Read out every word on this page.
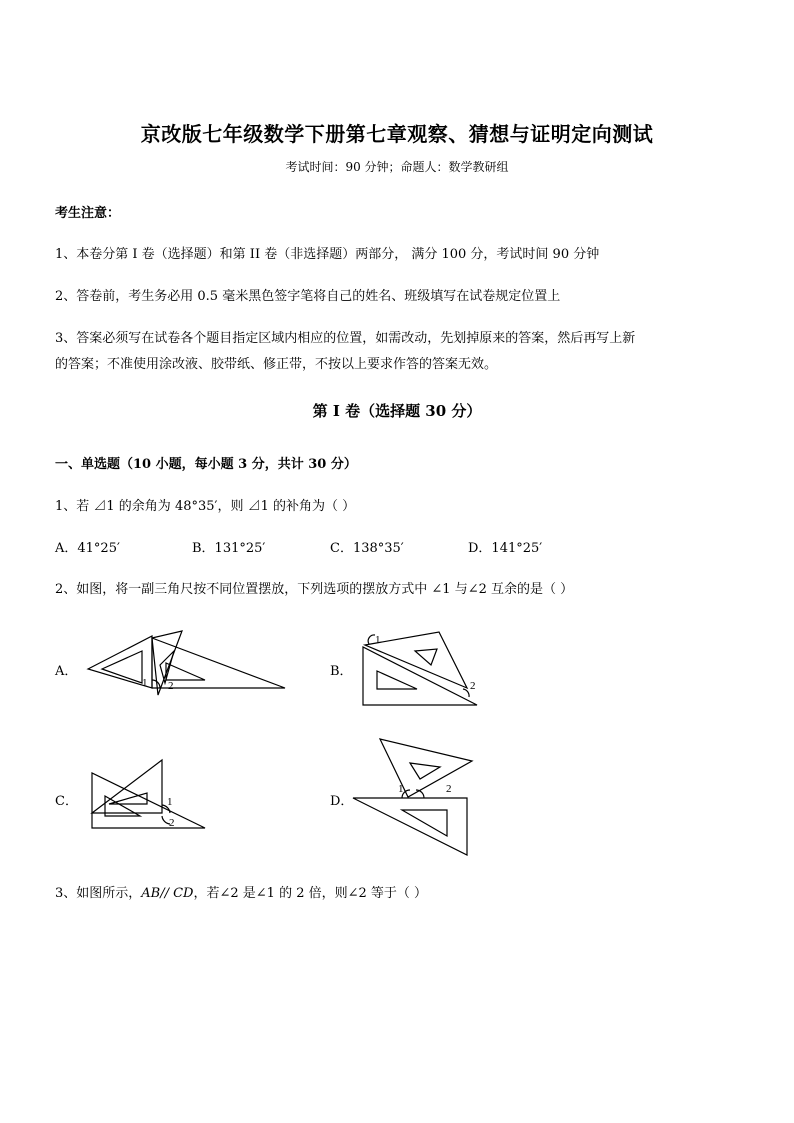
京改版七年级数学下册第七章观察、猜想与证明定向测试
考试时间：90 分钟；命题人：数学教研组
考生注意：
1、本卷分第 I 卷（选择题）和第 II 卷（非选择题）两部分， 满分 100 分，考试时间 90 分钟
2、答卷前，考生务必用 0.5 毫米黑色签字笔将自己的姓名、班级填写在试卷规定位置上
3、答案必须写在试卷各个题目指定区域内相应的位置，如需改动，先划掉原来的答案，然后再写上新
的答案；不准使用涂改液、胶带纸、修正带，不按以上要求作答的答案无效。
第 I 卷（选择题 30 分）
一、单选题（10 小题，每小题 3 分，共计 30 分）
1、若 ⊿1 的余角为 48°35′，则 ⊿1 的补角为（ ）
A．41°25′	B．131°25′	C．138°35′	D．141°25′
2、如图，将一副三角尺按不同位置摆放，下列选项的摆放方式中 ∠1 与∠2 互余的是（ ）
A．
1 2
B．
1
2
C．	1
2
D．
1	2
3、如图所示，AB// CD，若∠2 是∠1 的 2 倍，则∠2 等于（ ）
